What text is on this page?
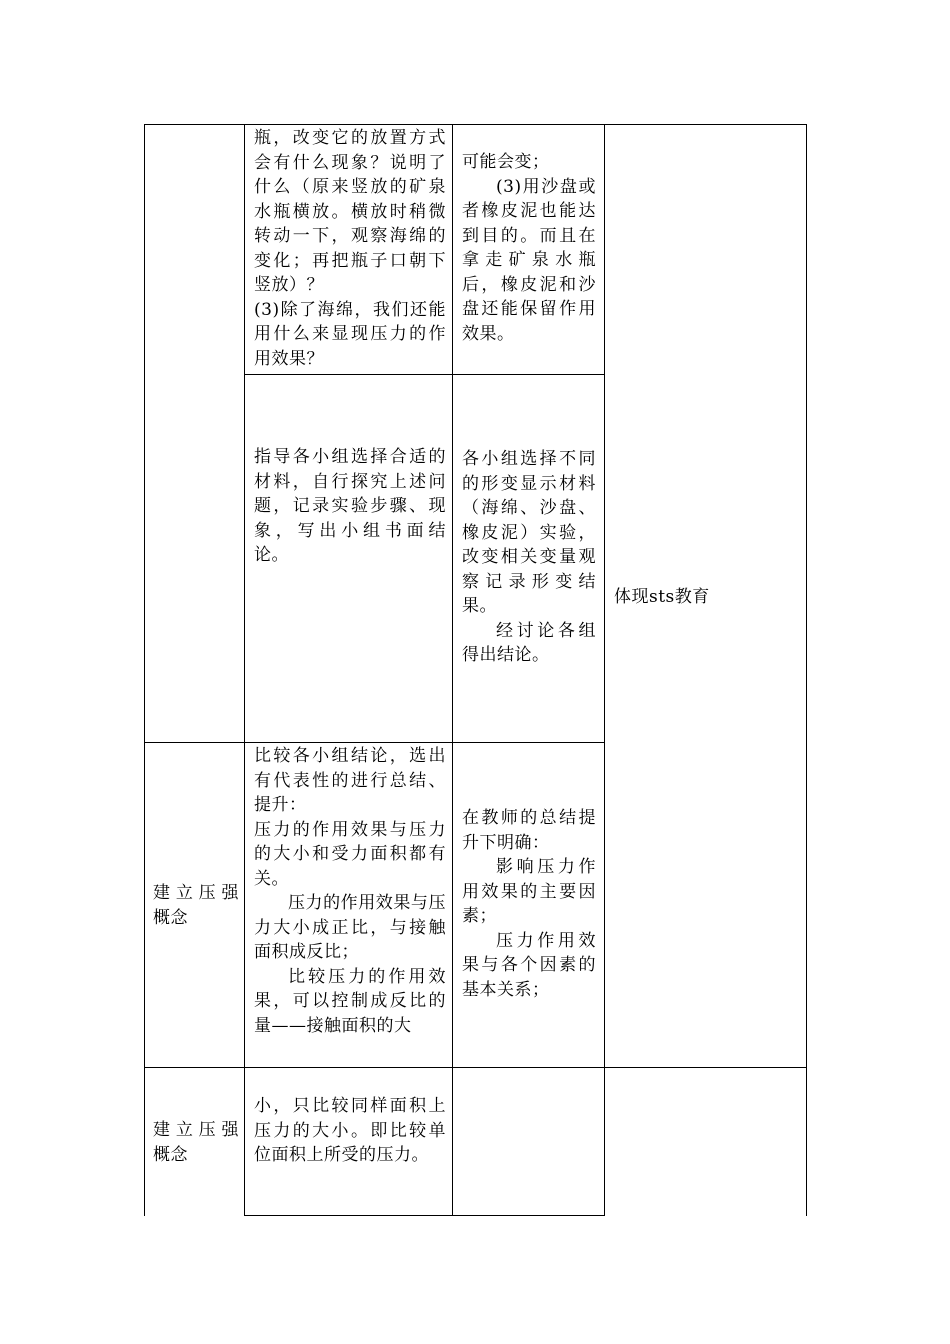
瓶，改变它的放置方式会有什么现象？说明了什么（原来竖放的矿泉水瓶横放。横放时稍微转动一下，观察海绵的变化；再把瓶子口朝下竖放）？

(3)除了海绵，我们还能用什么来显现压力的作用效果？

可能会变；

(3)用沙盘或者橡皮泥也能达到目的。而且在拿走矿泉水瓶后，橡皮泥和沙盘还能保留作用效果。

指导各小组选择合适的材料，自行探究上述问题，记录实验步骤、现象，写出小组书面结论。

各小组选择不同的形变显示材料（海绵、沙盘、橡皮泥）实验，改变相关变量观察记录形变结果。

经讨论各组得出结论。

体现sts教育

建立压强概念

比较各小组结论，选出有代表性的进行总结、提升：

压力的作用效果与压力的大小和受力面积都有关。

压力的作用效果与压力大小成正比，与接触面积成反比；

比较压力的作用效果，可以控制成反比的量——接触面积的大

在教师的总结提升下明确：

影响压力作用效果的主要因素；

压力作用效果与各个因素的基本关系；

建立压强概念

小，只比较同样面积上压力的大小。即比较单位面积上所受的压力。
